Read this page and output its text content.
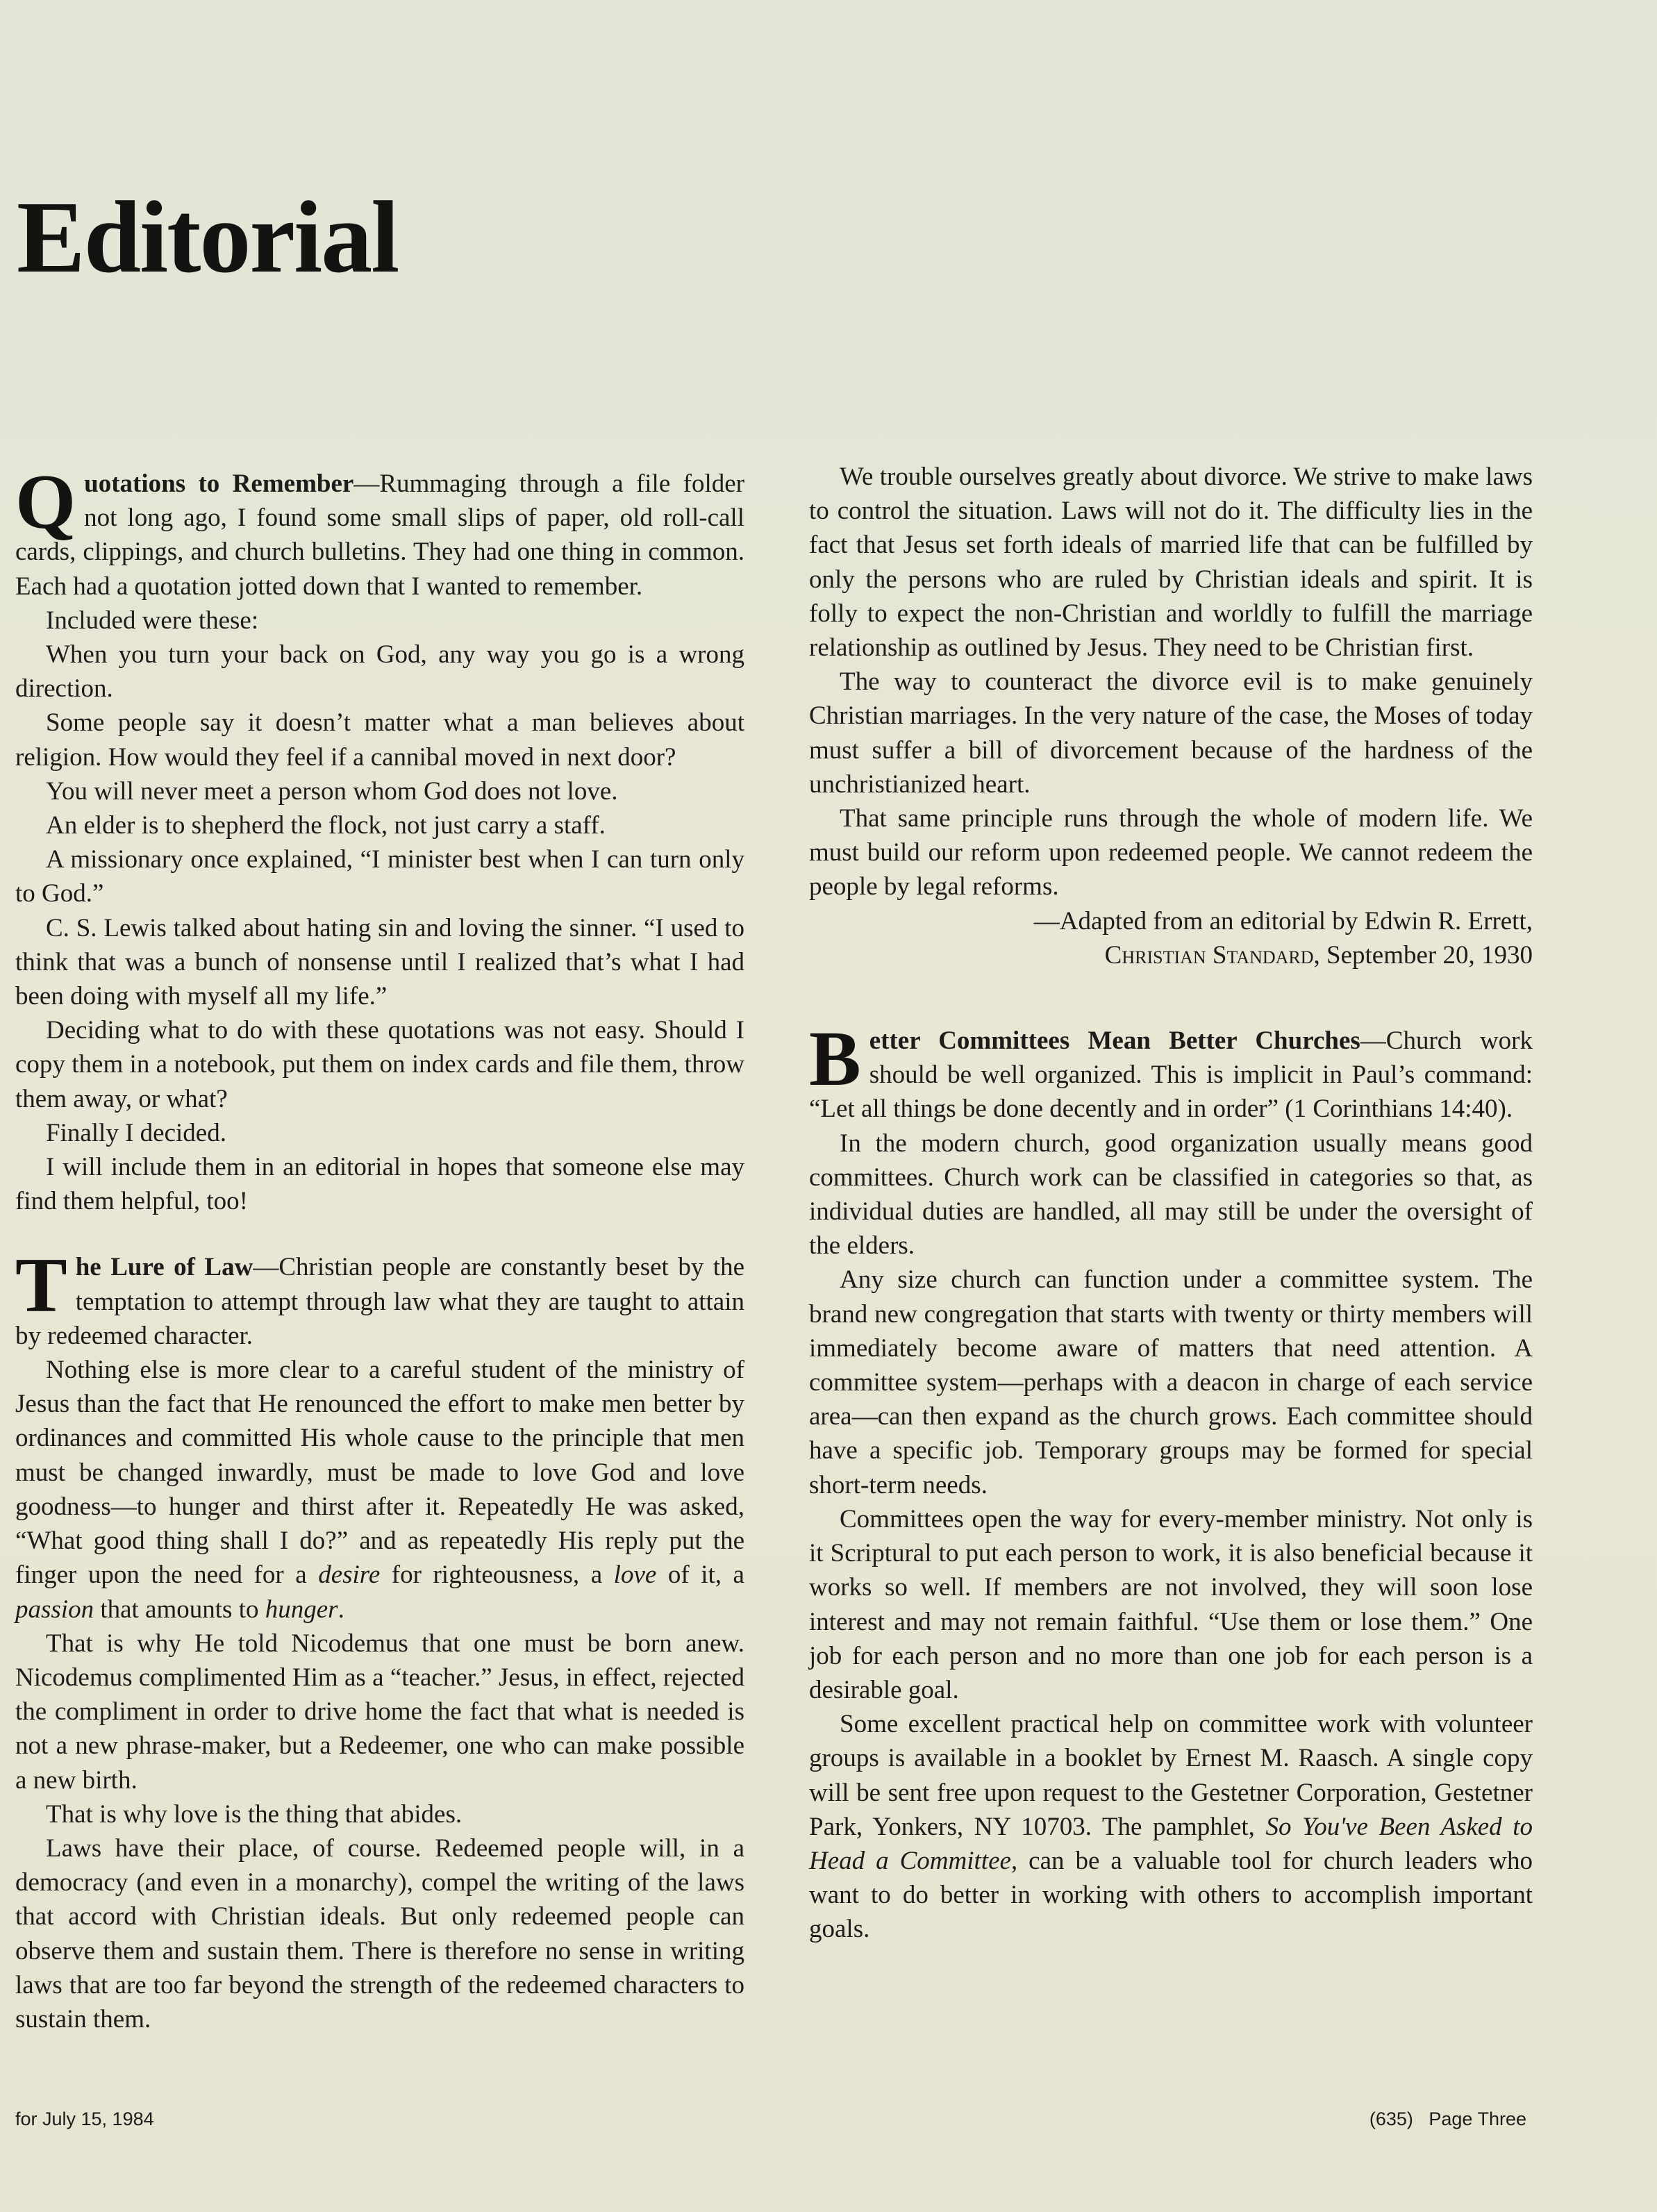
Editorial

Quotations to Remember—Rummaging through a file folder not long ago, I found some small slips of paper, old roll-call cards, clippings, and church bulletins. They had one thing in common. Each had a quotation jotted down that I wanted to remember.

Included were these:

When you turn your back on God, any way you go is a wrong direction.

Some people say it doesn’t matter what a man believes about religion. How would they feel if a cannibal moved in next door?

You will never meet a person whom God does not love.

An elder is to shepherd the flock, not just carry a staff.

A missionary once explained, “I minister best when I can turn only to God.”

C. S. Lewis talked about hating sin and loving the sinner. “I used to think that was a bunch of nonsense until I realized that’s what I had been doing with myself all my life.”

Deciding what to do with these quotations was not easy. Should I copy them in a notebook, put them on index cards and file them, throw them away, or what?

Finally I decided.

I will include them in an editorial in hopes that someone else may find them helpful, too!

The Lure of Law—Christian people are constantly beset by the temptation to attempt through law what they are taught to attain by redeemed character.

Nothing else is more clear to a careful student of the ministry of Jesus than the fact that He renounced the effort to make men better by ordinances and committed His whole cause to the principle that men must be changed inwardly, must be made to love God and love goodness—to hunger and thirst after it. Repeatedly He was asked, “What good thing shall I do?” and as repeatedly His reply put the finger upon the need for a desire for righteousness, a love of it, a passion that amounts to hunger.

That is why He told Nicodemus that one must be born anew. Nicodemus complimented Him as a “teacher.” Jesus, in effect, rejected the compliment in order to drive home the fact that what is needed is not a new phrase-maker, but a Redeemer, one who can make possible a new birth.

That is why love is the thing that abides.

Laws have their place, of course. Redeemed people will, in a democracy (and even in a monarchy), compel the writing of the laws that accord with Christian ideals. But only redeemed people can observe them and sustain them. There is therefore no sense in writing laws that are too far beyond the strength of the redeemed characters to sustain them.

We trouble ourselves greatly about divorce. We strive to make laws to control the situation. Laws will not do it. The difficulty lies in the fact that Jesus set forth ideals of married life that can be fulfilled by only the persons who are ruled by Christian ideals and spirit. It is folly to expect the non-Christian and worldly to fulfill the marriage relationship as outlined by Jesus. They need to be Christian first.

The way to counteract the divorce evil is to make genuinely Christian marriages. In the very nature of the case, the Moses of today must suffer a bill of divorcement because of the hardness of the unchristianized heart.

That same principle runs through the whole of modern life. We must build our reform upon redeemed people. We cannot redeem the people by legal reforms.

—Adapted from an editorial by Edwin R. Errett,

Christian Standard, September 20, 1930

Better Committees Mean Better Churches—Church work should be well organized. This is implicit in Paul’s command: “Let all things be done decently and in order” (1 Corinthians 14:40).

In the modern church, good organization usually means good committees. Church work can be classified in categories so that, as individual duties are handled, all may still be under the oversight of the elders.

Any size church can function under a committee system. The brand new congregation that starts with twenty or thirty members will immediately become aware of matters that need attention. A committee system—perhaps with a deacon in charge of each service area—can then expand as the church grows. Each committee should have a specific job. Temporary groups may be formed for special short-term needs.

Committees open the way for every-member ministry. Not only is it Scriptural to put each person to work, it is also beneficial because it works so well. If members are not involved, they will soon lose interest and may not remain faithful. “Use them or lose them.” One job for each person and no more than one job for each person is a desirable goal.

Some excellent practical help on committee work with volunteer groups is available in a booklet by Ernest M. Raasch. A single copy will be sent free upon request to the Gestetner Corporation, Gestetner Park, Yonkers, NY 10703. The pamphlet, So You've Been Asked to Head a Committee, can be a valuable tool for church leaders who want to do better in working with others to accomplish important goals.

for July 15, 1984	(635)   Page Three
